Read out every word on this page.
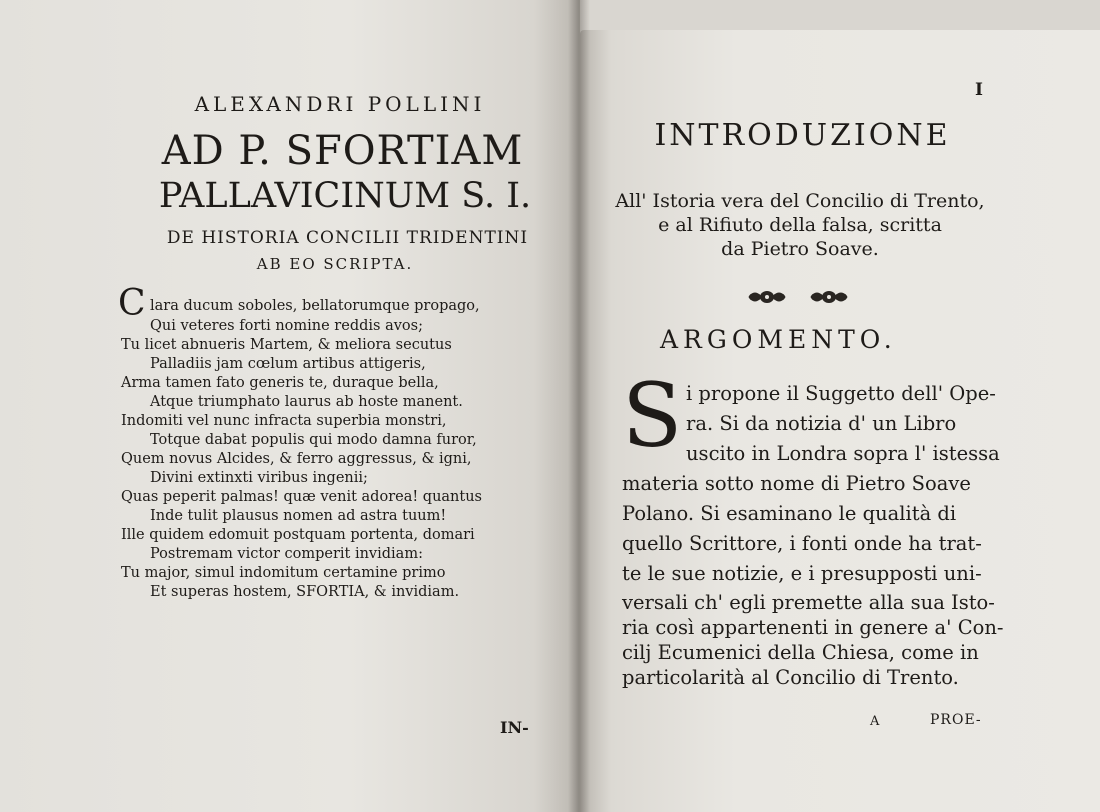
ALEXANDRI POLLINI
AD P. SFORTIAM
PALLAVICINUM S. I.
DE HISTORIA CONCILII TRIDENTINI
AB EO SCRIPTA.
C lara ducum soboles, bellatorumque propago,
Qui veteres forti nomine reddis avos;
Tu licet abnueris Martem, & meliora secutus
Palladiis jam cœlum artibus attigeris,
Arma tamen fato generis te, duraque bella,
Atque triumphato laurus ab hoste manent.
Indomiti vel nunc infracta superbia monstri,
Totque dabat populis qui modo damna furor,
Quem novus Alcides, & ferro aggressus, & igni,
Divini extinxti viribus ingenii;
Quas peperit palmas! quæ venit adorea! quantus
Inde tulit plausus nomen ad astra tuum!
Ille quidem edomuit postquam portenta, domari
Postremam victor comperit invidiam:
Tu major, simul indomitum certamine primo
Et superas hostem, SFORTIA, & invidiam.
IN-
I
INTRODUZIONE
All' Istoria vera del Concilio di Trento,
e al Rifiuto della falsa, scritta
da Pietro Soave.
ARGOMENTO.
S i propone il Suggetto dell' Ope-
ra. Si da notizia d' un Libro
uscito in Londra sopra l' istessa
materia sotto nome di Pietro Soave
Polano. Si esaminano le qualità di
quello Scrittore, i fonti onde ha trat-
te le sue notizie, e i presupposti uni-
versali ch' egli premette alla sua Isto-
ria così appartenenti in genere a' Con-
cilj Ecumenici della Chiesa, come in
particolarità al Concilio di Trento.
A	PROE-
